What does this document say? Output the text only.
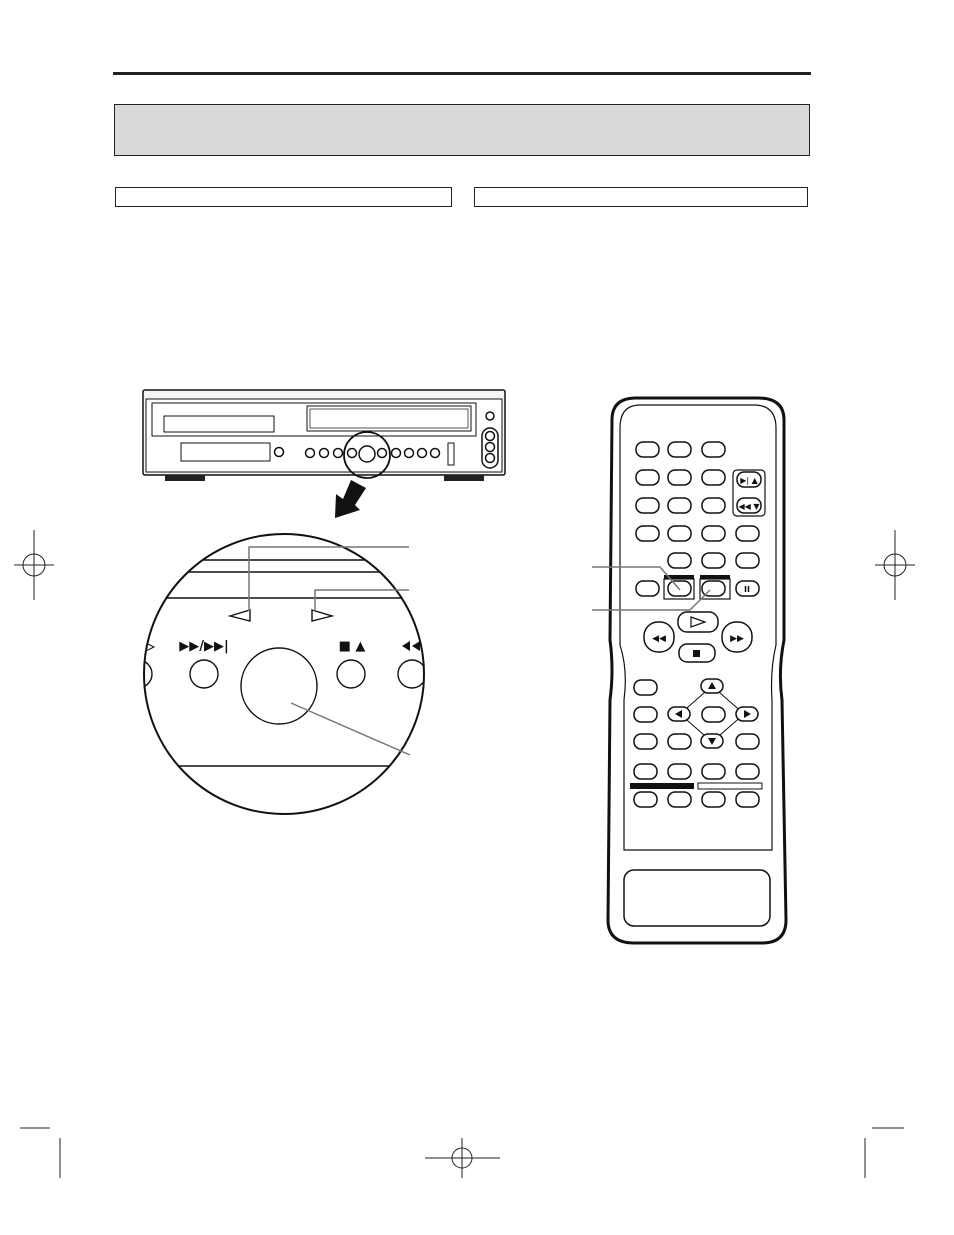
▶▶/▶▶|	■ ▲
▶| ▲
◀◀ ▼
II
◀◀	▶▶
